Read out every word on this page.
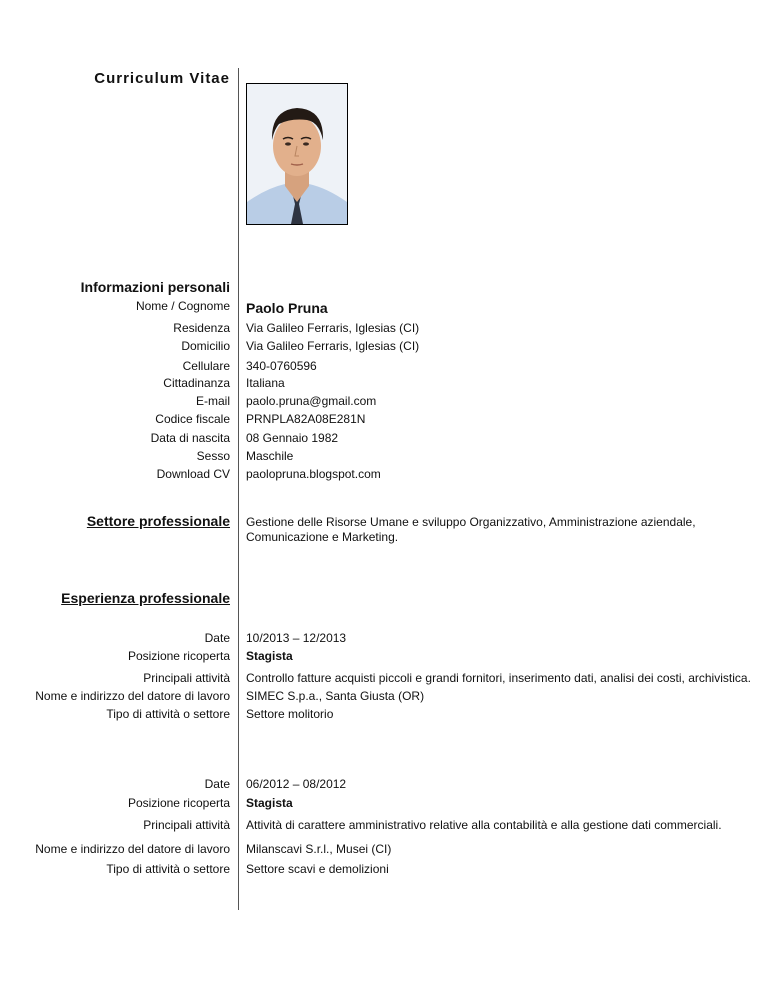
Curriculum Vitae
Informazioni personali
Nome / Cognome Paolo Pruna
Residenza Via Galileo Ferraris, Iglesias (CI)
Domicilio Via Galileo Ferraris, Iglesias (CI)
Cellulare 340-0760596
Cittadinanza Italiana
E-mail paolo.pruna@gmail.com
Codice fiscale PRNPLA82A08E281N
Data di nascita 08 Gennaio 1982
Sesso Maschile
Download CV paolopruna.blogspot.com
Settore professionale Gestione delle Risorse Umane e sviluppo Organizzativo, Amministrazione aziendale, Comunicazione e Marketing.
Esperienza professionale
Date 10/2013 – 12/2013
Posizione ricoperta Stagista
Principali attività Controllo fatture acquisti piccoli e grandi fornitori, inserimento dati, analisi dei costi, archivistica.
Nome e indirizzo del datore di lavoro SIMEC S.p.a., Santa Giusta (OR)
Tipo di attività o settore Settore molitorio
Date 06/2012 – 08/2012
Posizione ricoperta Stagista
Principali attività Attività di carattere amministrativo relative alla contabilità e alla gestione dati commerciali.
Nome e indirizzo del datore di lavoro Milanscavi S.r.l., Musei (CI)
Tipo di attività o settore Settore scavi e demolizioni
